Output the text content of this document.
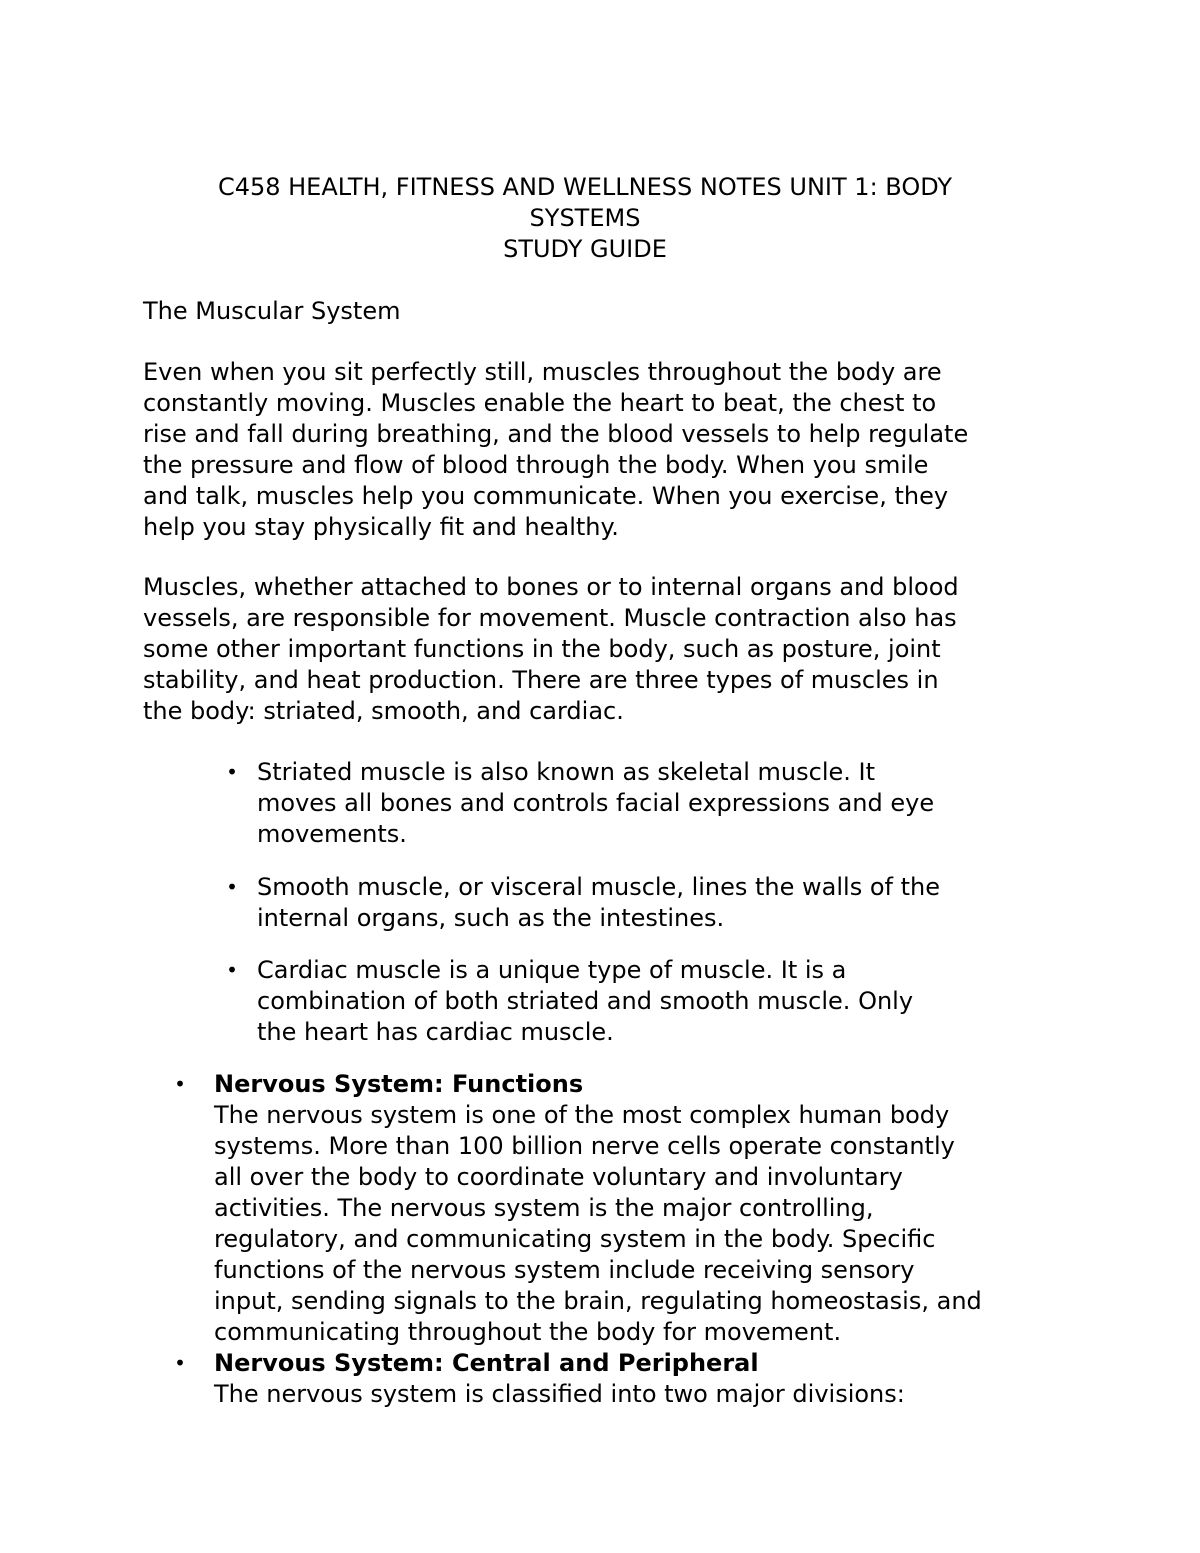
C458 HEALTH, FITNESS AND WELLNESS NOTES UNIT 1: BODY
SYSTEMS
STUDY GUIDE
The Muscular System
Even when you sit perfectly still, muscles throughout the body are
constantly moving. Muscles enable the heart to beat, the chest to
rise and fall during breathing, and the blood vessels to help regulate
the pressure and flow of blood through the body. When you smile
and talk, muscles help you communicate. When you exercise, they
help you stay physically fit and healthy.
Muscles, whether attached to bones or to internal organs and blood
vessels, are responsible for movement. Muscle contraction also has
some other important functions in the body, such as posture, joint
stability, and heat production. There are three types of muscles in
the body: striated, smooth, and cardiac.
• Striated muscle is also known as skeletal muscle. It
moves all bones and controls facial expressions and eye
movements.
• Smooth muscle, or visceral muscle, lines the walls of the
internal organs, such as the intestines.
• Cardiac muscle is a unique type of muscle. It is a
combination of both striated and smooth muscle. Only
the heart has cardiac muscle.
• Nervous System: Functions
The nervous system is one of the most complex human body
systems. More than 100 billion nerve cells operate constantly
all over the body to coordinate voluntary and involuntary
activities. The nervous system is the major controlling,
regulatory, and communicating system in the body. Specific
functions of the nervous system include receiving sensory
input, sending signals to the brain, regulating homeostasis, and
communicating throughout the body for movement.
• Nervous System: Central and Peripheral
The nervous system is classified into two major divisions:
